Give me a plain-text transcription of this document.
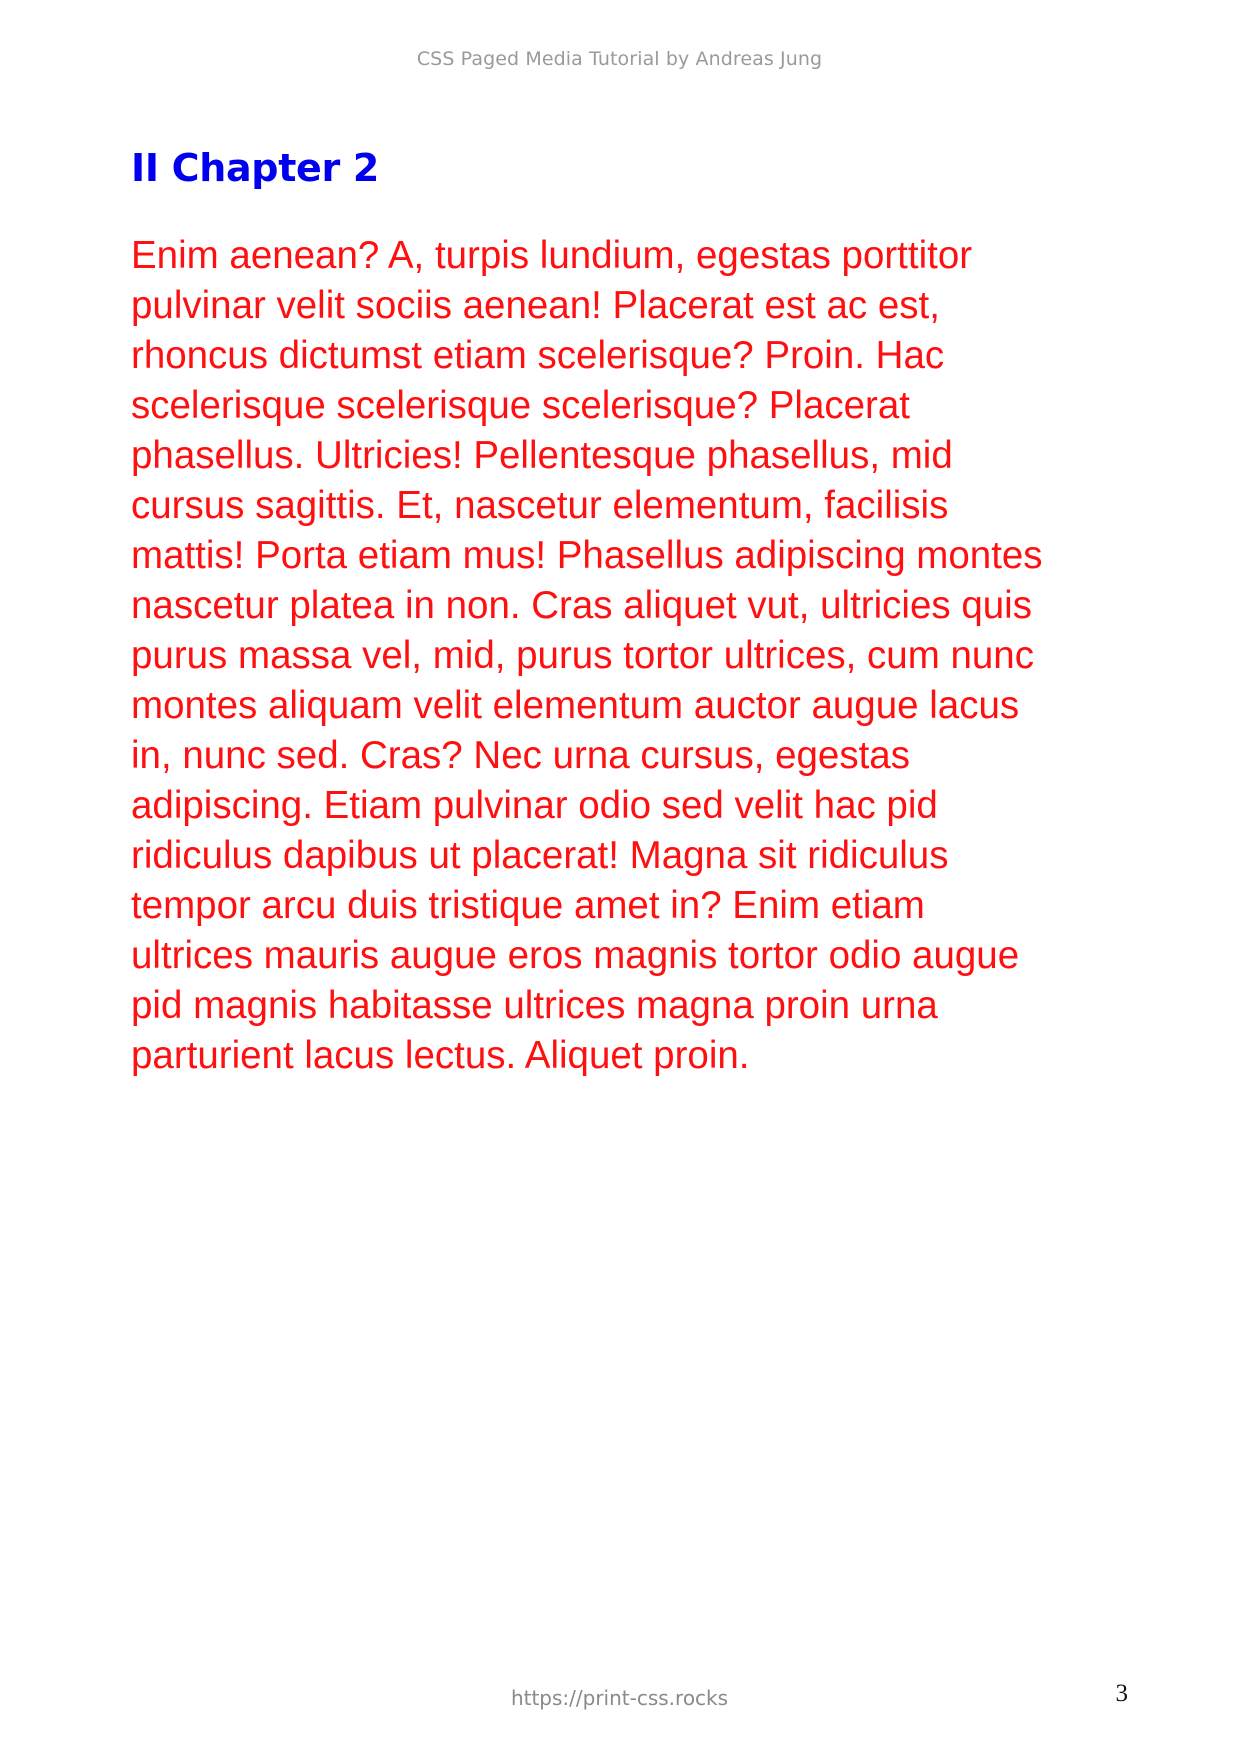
CSS Paged Media Tutorial by Andreas Jung
II Chapter 2

Enim aenean? A, turpis lundium, egestas porttitor
pulvinar velit sociis aenean! Placerat est ac est,
rhoncus dictumst etiam scelerisque? Proin. Hac
scelerisque scelerisque scelerisque? Placerat
phasellus. Ultricies! Pellentesque phasellus, mid
cursus sagittis. Et, nascetur elementum, facilisis
mattis! Porta etiam mus! Phasellus adipiscing montes
nascetur platea in non. Cras aliquet vut, ultricies quis
purus massa vel, mid, purus tortor ultrices, cum nunc
montes aliquam velit elementum auctor augue lacus
in, nunc sed. Cras? Nec urna cursus, egestas
adipiscing. Etiam pulvinar odio sed velit hac pid
ridiculus dapibus ut placerat! Magna sit ridiculus
tempor arcu duis tristique amet in? Enim etiam
ultrices mauris augue eros magnis tortor odio augue
pid magnis habitasse ultrices magna proin urna
parturient lacus lectus. Aliquet proin.

https://print-css.rocks	3
